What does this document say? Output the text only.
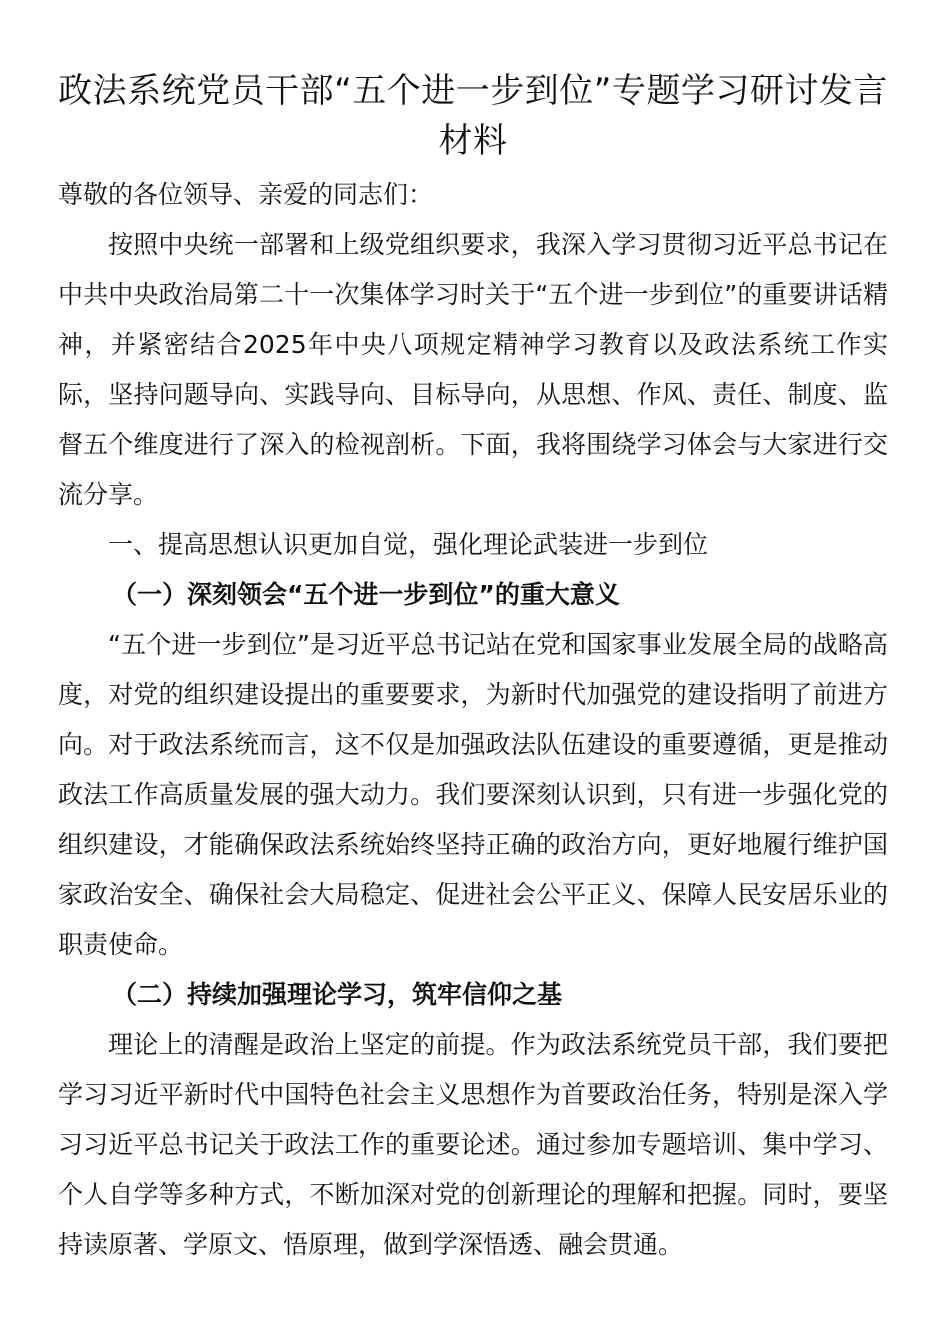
政法系统党员干部“五个进一步到位”专题学习研讨发言材料

尊敬的各位领导、亲爱的同志们：

按照中央统一部署和上级党组织要求，我深入学习贯彻习近平总书记在中共中央政治局第二十一次集体学习时关于“五个进一步到位”的重要讲话精神，并紧密结合2025年中央八项规定精神学习教育以及政法系统工作实际，坚持问题导向、实践导向、目标导向，从思想、作风、责任、制度、监督五个维度进行了深入的检视剖析。下面，我将围绕学习体会与大家进行交流分享。

一、提高思想认识更加自觉，强化理论武装进一步到位

（一）深刻领会“五个进一步到位”的重大意义

“五个进一步到位”是习近平总书记站在党和国家事业发展全局的战略高度，对党的组织建设提出的重要要求，为新时代加强党的建设指明了前进方向。对于政法系统而言，这不仅是加强政法队伍建设的重要遵循，更是推动政法工作高质量发展的强大动力。我们要深刻认识到，只有进一步强化党的组织建设，才能确保政法系统始终坚持正确的政治方向，更好地履行维护国家政治安全、确保社会大局稳定、促进社会公平正义、保障人民安居乐业的职责使命。

（二）持续加强理论学习，筑牢信仰之基

理论上的清醒是政治上坚定的前提。作为政法系统党员干部，我们要把学习习近平新时代中国特色社会主义思想作为首要政治任务，特别是深入学习习近平总书记关于政法工作的重要论述。通过参加专题培训、集中学习、个人自学等多种方式，不断加深对党的创新理论的理解和把握。同时，要坚持读原著、学原文、悟原理，做到学深悟透、融会贯通。
